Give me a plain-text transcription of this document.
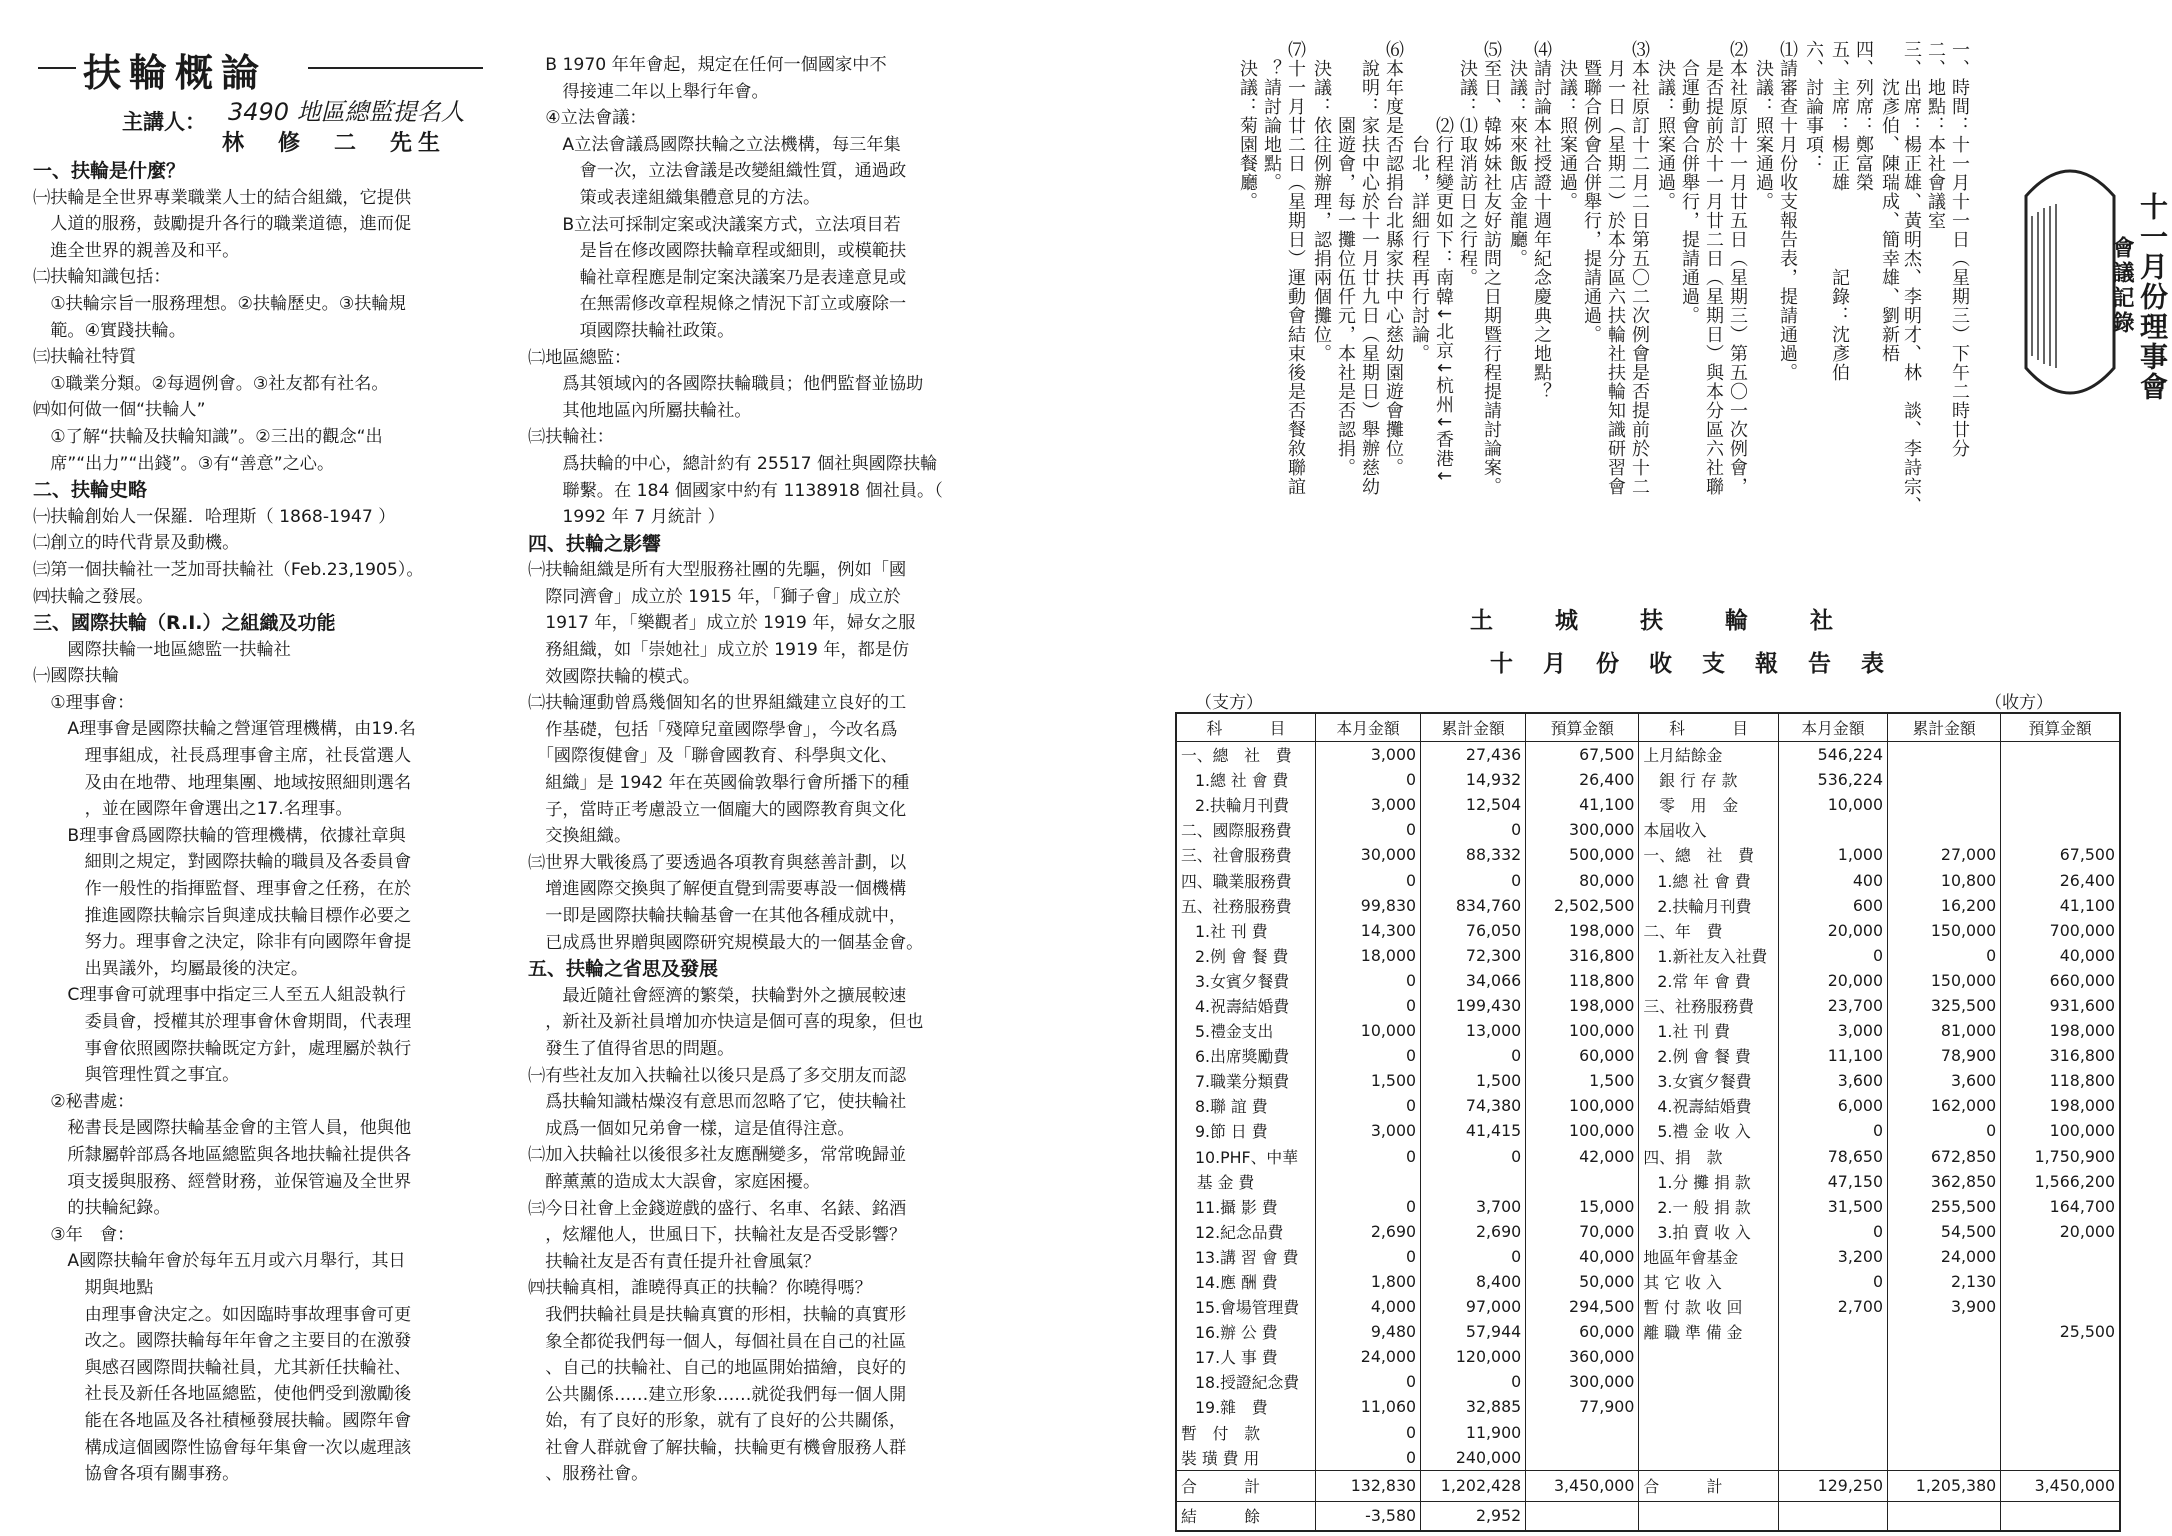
扶輪概論
主講人： 3490 地區總監提名人
林　修　二　先生

一、扶輪是什麼？

㈠扶輪是全世界專業職業人士的結合組織，它提供

　人道的服務，鼓勵提升各行的職業道德，進而促

　進全世界的親善及和平。

㈡扶輪知識包括：

　①扶輪宗旨一服務理想。②扶輪歷史。③扶輪規

　範。④實踐扶輪。

㈢扶輪社特質

　①職業分類。②每週例會。③社友都有社名。

㈣如何做一個“扶輪人”

　①了解“扶輪及扶輪知識”。②三出的觀念“出

　席”“出力”“出錢”。③有“善意”之心。

二、扶輪史略

㈠扶輪創始人一保羅．哈理斯（ 1868-1947 ）

㈡創立的時代背景及動機。

㈢第一個扶輪社一芝加哥扶輪社（Feb.23,1905）。

㈣扶輪之發展。

三、國際扶輪（R.I.）之組織及功能

　　國際扶輪一地區總監一扶輪社

㈠國際扶輪

　①理事會：

　　A理事會是國際扶輪之營運管理機構，由19.名

　　　理事組成，社長爲理事會主席，社長當選人

　　　及由在地帶、地理集團、地域按照細則選名

　　　，並在國際年會選出之17.名理事。

　　B理事會爲國際扶輪的管理機構，依據社章與

　　　細則之規定，對國際扶輪的職員及各委員會

　　　作一般性的指揮監督、理事會之任務，在於

　　　推進國際扶輪宗旨與達成扶輪目標作必要之

　　　努力。理事會之決定，除非有向國際年會提

　　　出異議外，均屬最後的決定。

　　C理事會可就理事中指定三人至五人組設執行

　　　委員會，授權其於理事會休會期間，代表理

　　　事會依照國際扶輪既定方針，處理屬於執行

　　　與管理性質之事宜。

　②秘書處：

　　秘書長是國際扶輪基金會的主管人員，他與他

　　所隸屬幹部爲各地區總監與各地扶輪社提供各

　　項支援與服務、經營財務，並保管遍及全世界

　　的扶輪紀錄。

　③年　會：

　　A國際扶輪年會於每年五月或六月舉行，其日

　　　期與地點

　　　由理事會決定之。如因臨時事故理事會可更

　　　改之。國際扶輪每年年會之主要目的在激發

　　　與感召國際間扶輪社員，尤其新任扶輪社、

　　　社長及新任各地區總監，使他們受到激勵後

　　　能在各地區及各社積極發展扶輪。國際年會

　　　構成這個國際性協會每年集會一次以處理該

　　　協會各項有關事務。

　B 1970 年年會起，規定在任何一個國家中不

　　得接連二年以上舉行年會。

　④立法會議：

　　A立法會議爲國際扶輪之立法機構，每三年集

　　　會一次，立法會議是改變組織性質，通過政

　　　策或表達組織集體意見的方法。

　　B立法可採制定案或決議案方式，立法項目若

　　　是旨在修改國際扶輪章程或細則，或模範扶

　　　輪社章程應是制定案決議案乃是表達意見或

　　　在無需修改章程規條之情況下訂立或廢除一

　　　項國際扶輪社政策。

㈡地區總監：

　　爲其領域內的各國際扶輪職員；他們監督並協助

　　其他地區內所屬扶輪社。

㈢扶輪社：

　　爲扶輪的中心，總計約有 25517 個社與國際扶輪

　　聯繫。在 184 個國家中約有 1138918 個社員。（

　　1992 年 7 月統計 ）

四、扶輪之影響

㈠扶輪組織是所有大型服務社團的先驅，例如「國

　際同濟會」成立於 1915 年，「獅子會」成立於

　1917 年，「樂觀者」成立於 1919 年，婦女之服

　務組織，如「崇她社」成立於 1919 年，都是仿

　效國際扶輪的模式。

㈡扶輪運動曾爲幾個知名的世界組織建立良好的工

　作基礎，包括「殘障兒童國際學會」，今改名爲

　「國際復健會」及「聯會國教育、科學與文化、

　組織」是 1942 年在英國倫敦舉行會所播下的種

　子，當時正考慮設立一個龐大的國際教育與文化

　交換組織。

㈢世界大戰後爲了要透過各項教育與慈善計劃，以

　增進國際交換與了解便直覺到需要專設一個機構

　一即是國際扶輪扶輪基會一在其他各種成就中，

　已成爲世界贈與國際研究規模最大的一個基金會。

五、扶輪之省思及發展

　　最近隨社會經濟的繁榮，扶輪對外之擴展較速

　，新社及新社員增加亦快這是個可喜的現象，但也

　發生了值得省思的問題。

㈠有些社友加入扶輪社以後只是爲了多交朋友而認

　爲扶輪知識枯燥沒有意思而忽略了它，使扶輪社

　成爲一個如兄弟會一樣，這是值得注意。

㈡加入扶輪社以後很多社友應酬變多，常常晚歸並

　醉薰薰的造成太大誤會，家庭困擾。

㈢今日社會上金錢遊戲的盛行、名車、名錶、銘酒

　，炫耀他人，世風日下，扶輪社友是否受影響？

　扶輪社友是否有責任提升社會風氣？

㈣扶輪真相，誰曉得真正的扶輪？你曉得嗎？

　我們扶輪社員是扶輪真實的形相，扶輪的真實形

　象全都從我們每一個人，每個社員在自己的社區

　、自己的扶輪社、自己的地區開始描繪，良好的

　公共關係……建立形象……就從我們每一個人開

　始，有了良好的形象，就有了良好的公共關係，

　社會人群就會了解扶輪，扶輪更有機會服務人群

　、服務社會。

十一月份理事會
會議記錄
一、時間：十一月十一日（星期三）下午二時廿分
二、地點：本社會議室
三、出席：楊正雄、黃明杰、李明才、林　談、李詩宗、
　　沈彥伯、陳瑞成、簡幸雄、劉新梧
四、列席：鄭富榮
五、主席：楊正雄　　　　記錄：沈彥伯
六、討論事項：
⑴請審查十月份收支報告表，提請通過。
　決議：照案通過。
⑵本社原訂十一月廿五日（星期三）第五〇一次例會，
　是否提前於十一月廿二日（星期日）與本分區六社聯
　合運動會合併舉行，提請通過。
　決議：照案通過。
⑶本社原訂十二月二日第五〇二次例會是否提前於十二
　月一日（星期二）於本分區六扶輪社扶輪知識研習會
　暨聯合例會合併舉行，提請通過。
　決議：照案通過。
⑷請討論本社授證十週年紀念慶典之地點？
　決議：來來飯店金龍廳。
⑸至日、韓姊妹社友好訪問之日期暨行程提請討論案。
　決議：⑴取消訪日之行程。
　　　　⑵行程變更如下：南韓↓北京↓杭州↓香港↓
　　　　　台北，詳細行程再行討論。
⑹本年度是否認捐台北縣家扶中心慈幼園遊會攤位。
　說明：家扶中心於十一月廿九日（星期日）舉辦慈幼
　　　　園遊會，每一攤位伍仟元，本社是否認捐。
　決議：依往例辦理，認捐兩個攤位。
⑺十一月廿二日（星期日）運動會結束後是否餐敘聯誼
　？請討論地點。
　決議：菊園餐廳。
土城扶輪社
十月份收支報告表
（支方）	（收方）
科　　　目	本月金額	累計金額	預算金額	科　　　目	本月金額	累計金額	預算金額
一、總　社　費	3,000	27,436	67,500	上月結餘金	546,224		
1.總 社 會 費	0	14,932	26,400	　銀 行 存 款	536,224		
2.扶輪月刊費	3,000	12,504	41,100	　零　用　金	10,000		
二、國際服務費	0	0	300,000	本屆收入			
三、社會服務費	30,000	88,332	500,000	一、總　社　費	1,000	27,000	67,500
四、職業服務費	0	0	80,000	1.總 社 會 費	400	10,800	26,400
五、社務服務費	99,830	834,760	2,502,500	2.扶輪月刊費	600	16,200	41,100
1.社 刊 費	14,300	76,050	198,000	二、年　費	20,000	150,000	700,000
2.例 會 餐 費	18,000	72,300	316,800	1.新社友入社費	0	0	40,000
3.女賓夕餐費	0	34,066	118,800	2.常 年 會 費	20,000	150,000	660,000
4.祝壽結婚費	0	199,430	198,000	三、社務服務費	23,700	325,500	931,600
5.禮金支出	10,000	13,000	100,000	1.社 刊 費	3,000	81,000	198,000
6.出席獎勵費	0	0	60,000	2.例 會 餐 費	11,100	78,900	316,800
7.職業分類費	1,500	1,500	1,500	3.女賓夕餐費	3,600	3,600	118,800
8.聯 誼 費	0	74,380	100,000	4.祝壽結婚費	6,000	162,000	198,000
9.節 日 費	3,000	41,415	100,000	5.禮 金 收 入	0	0	100,000
10.PHF、中華	0	0	42,000	四、捐　款	78,650	672,850	1,750,900
　基 金 費				1.分 攤 捐 款	47,150	362,850	1,566,200
11.攝 影 費	0	3,700	15,000	2.一 般 捐 款	31,500	255,500	164,700
12.紀念品費	2,690	2,690	70,000	3.拍 賣 收 入	0	54,500	20,000
13.講 習 會 費	0	0	40,000	地區年會基金	3,200	24,000	
14.應 酬 費	1,800	8,400	50,000	其 它 收 入	0	2,130	
15.會場管理費	4,000	97,000	294,500	暫 付 款 收 回	2,700	3,900	
16.辦 公 費	9,480	57,944	60,000	離 職 準 備 金			25,500
17.人 事 費	24,000	120,000	360,000				
18.授證紀念費	0	0	300,000				
19.雜　費	11,060	32,885	77,900				
暫　付　款	0	11,900					
裝 璜 費 用	0	240,000					
合　　　計	132,830	1,202,428	3,450,000	合　　　計	129,250	1,205,380	3,450,000
結　　　餘	-3,580	2,952					
